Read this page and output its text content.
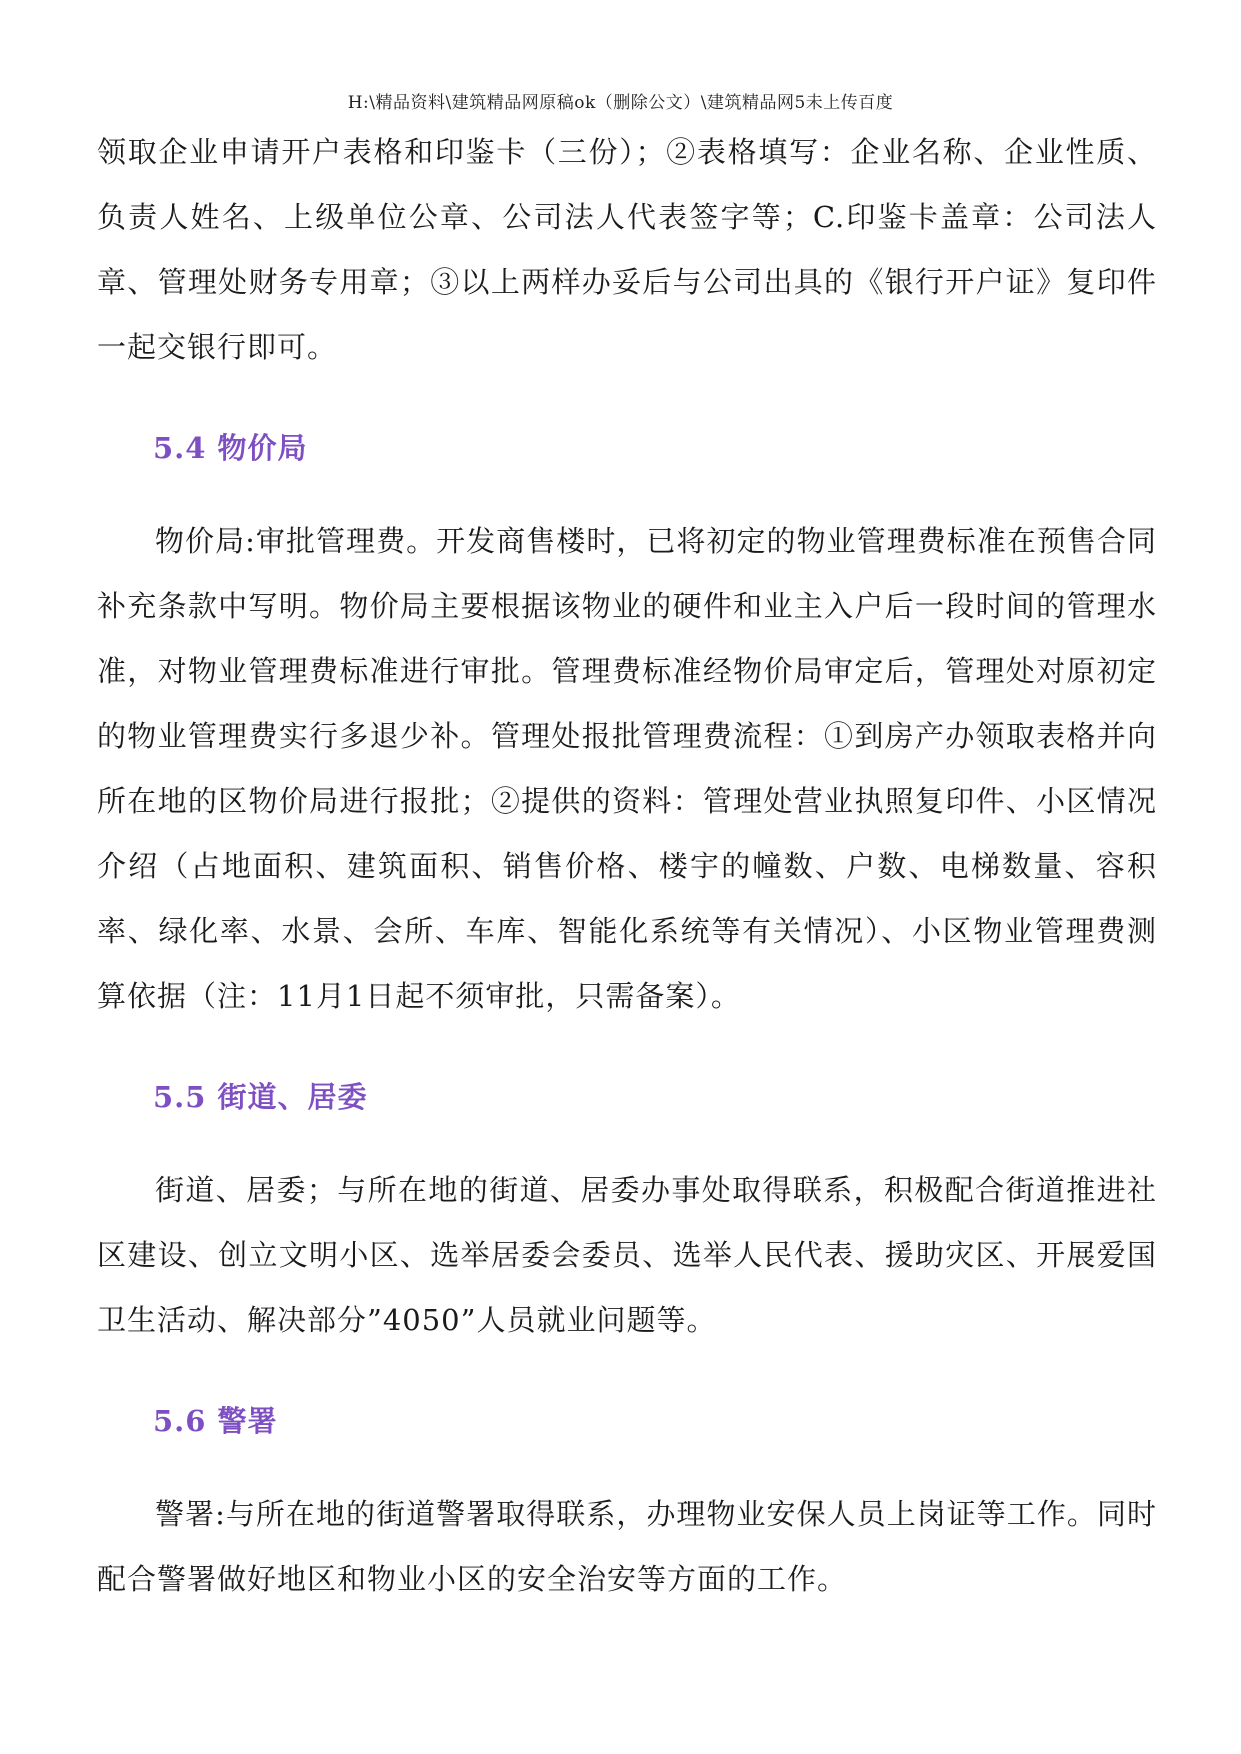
H:\精品资料\建筑精品网原稿ok（删除公文）\建筑精品网5未上传百度

领取企业申请开户表格和印鉴卡（三份）；②表格填写：企业名称、企业性质、负责人姓名、上级单位公章、公司法人代表签字等；C.印鉴卡盖章：公司法人章、管理处财务专用章；③以上两样办妥后与公司出具的《银行开户证》复印件一起交银行即可。

5.4 物价局

物价局:审批管理费。开发商售楼时，已将初定的物业管理费标准在预售合同补充条款中写明。物价局主要根据该物业的硬件和业主入户后一段时间的管理水准，对物业管理费标准进行审批。管理费标准经物价局审定后，管理处对原初定的物业管理费实行多退少补。管理处报批管理费流程：①到房产办领取表格并向所在地的区物价局进行报批；②提供的资料：管理处营业执照复印件、小区情况介绍（占地面积、建筑面积、销售价格、楼宇的幢数、户数、电梯数量、容积率、绿化率、水景、会所、车库、智能化系统等有关情况）、小区物业管理费测算依据（注：11月1日起不须审批，只需备案）。

5.5 街道、居委

街道、居委；与所在地的街道、居委办事处取得联系，积极配合街道推进社区建设、创立文明小区、选举居委会委员、选举人民代表、援助灾区、开展爱国卫生活动、解决部分”4050”人员就业问题等。

5.6 警署

警署:与所在地的街道警署取得联系，办理物业安保人员上岗证等工作。同时配合警署做好地区和物业小区的安全治安等方面的工作。
